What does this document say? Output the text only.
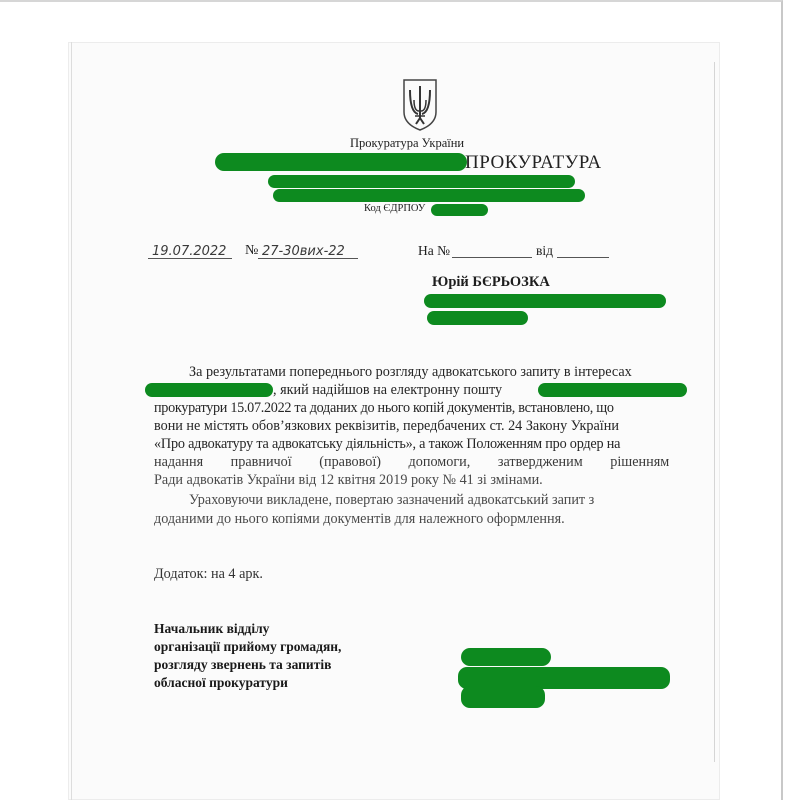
Прокуратура України
ПРОКУРАТУРА
Код ЄДРПОУ
19.07.2022 № 27-30вих-22	На №	від
Юрій БЄРЬОЗКА
За результатами попереднього розгляду адвокатського запиту в інтересах
, який надійшов на електронну пошту
прокуратури 15.07.2022 та доданих до нього копій документів, встановлено, що
вони не містять обов’язкових реквізитів, передбачених ст. 24 Закону України
«Про адвокатуру та адвокатську діяльність», а також Положенням про ордер на
надання правничої (правової) допомоги, затвердженим рішенням
Ради адвокатів України від 12 квітня 2019 року № 41 зі змінами.
Ураховуючи викладене, повертаю зазначений адвокатський запит з
доданими до нього копіями документів для належного оформлення.
Додаток: на 4 арк.
Начальник відділу
організації прийому громадян,
розгляду звернень та запитів
обласної прокуратури
